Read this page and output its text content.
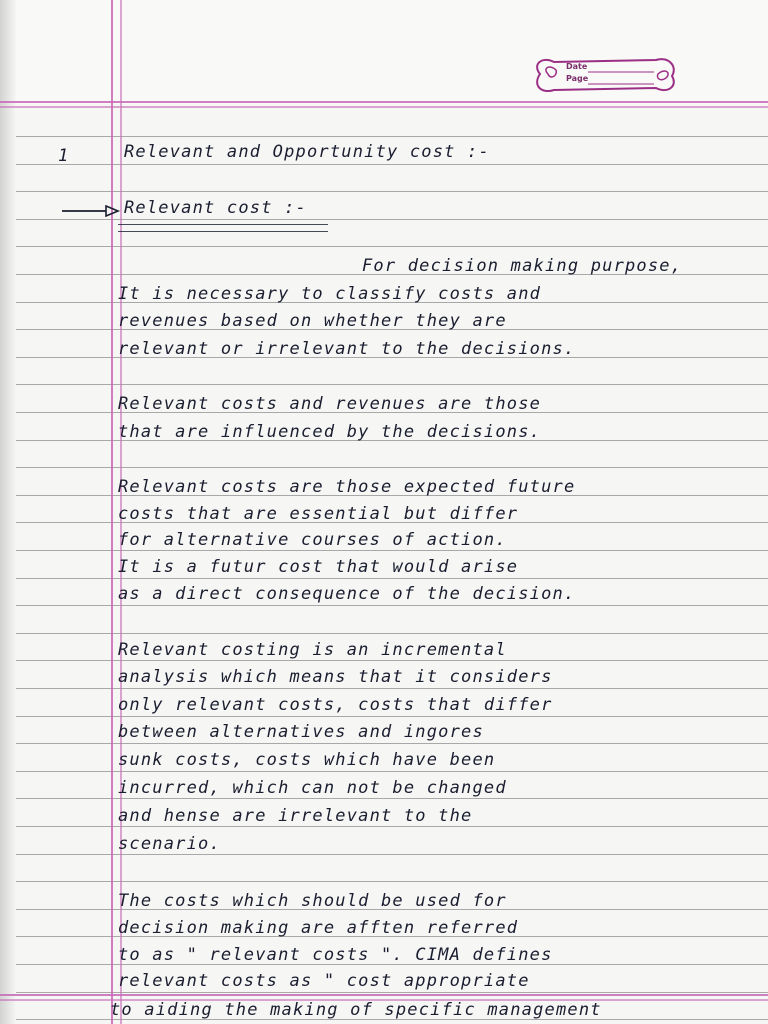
Date
Page
1	Relevant and Opportunity cost :-
Relevant cost :-
For decision making purpose,
It is necessary to classify costs and
revenues based on whether they are
relevant or irrelevant to the decisions.
Relevant costs and revenues are those
that are influenced by the decisions.
Relevant costs are those expected future
costs that are essential but differ
for alternative courses of action.
It is a futur cost that would arise
as a direct consequence of the decision.
Relevant costing is an incremental
analysis which means that it considers
only relevant costs, costs that differ
between alternatives and ingores
sunk costs, costs which have been
incurred, which can not be changed
and hense are irrelevant to the
scenario.
The costs which should be used for
decision making are afften referred
to as " relevant costs ". CIMA defines
relevant costs as " cost appropriate
to aiding the making of specific management
